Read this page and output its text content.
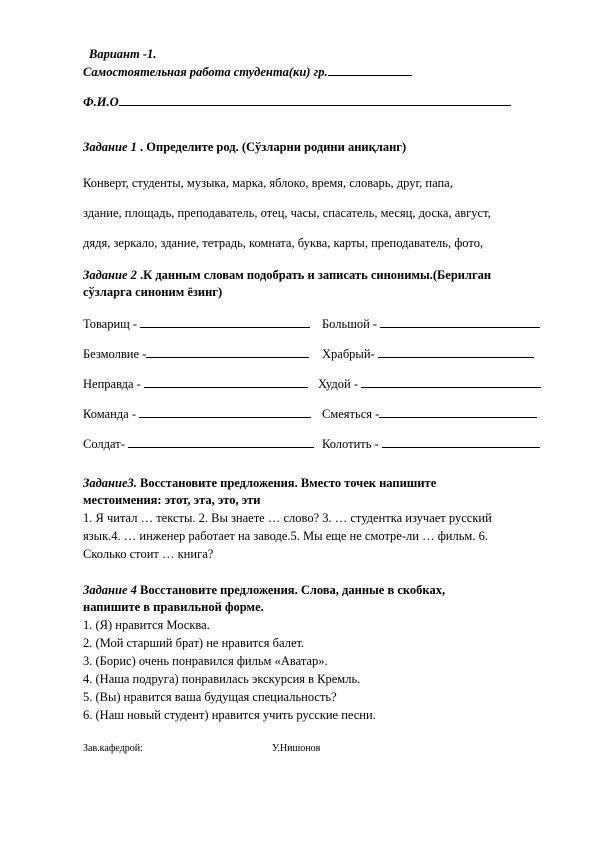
Вариант -1.
Самостоятельная работа студента(ки) гр.
Ф.И.О
Задание 1 . Определите род. (Сўзларни родини аниқланг)
Конверт, студенты, музыка, марка, яблоко, время, словарь, друг, папа,
здание, площадь, преподаватель, отец, часы, спасатель, месяц, доска, август,
дядя, зеркало, здание, тетрадь, комната, буква, карты, преподаватель, фото,
Задание 2 .К данным словам подобрать и записать синонимы.(Берилган
сўзларга синоним ёзинг)
Товарищ -	Большой -
Безмолвие -	Храбрый-
Неправда -	Худой -
Команда -	Смеяться -
Солдат-	Колотить -
Задание3. Восстановите предложения. Вместо точек напишите
местоимения: этот, эта, это, эти
1. Я читал … тексты. 2. Вы знаете … слово? 3. … студентка изучает русский
язык.4. … инженер работает на заводе.5. Мы еще не смотре-ли … фильм. 6.
Сколько стоит … книга?
Задание 4 Восстановите предложения. Слова, данные в скобках,
напишите в правильной форме.
1. (Я) нравится Москва.
2. (Мой старший брат) не нравится балет.
3. (Борис) очень понравился фильм «Аватар».
4. (Наша подруга) понравилась экскурсия в Кремль.
5. (Вы) нравится ваша будущая специальность?
6. (Наш новый студент) нравится учить русские песни.
Зав.кафедрой:	У.Нишонов
